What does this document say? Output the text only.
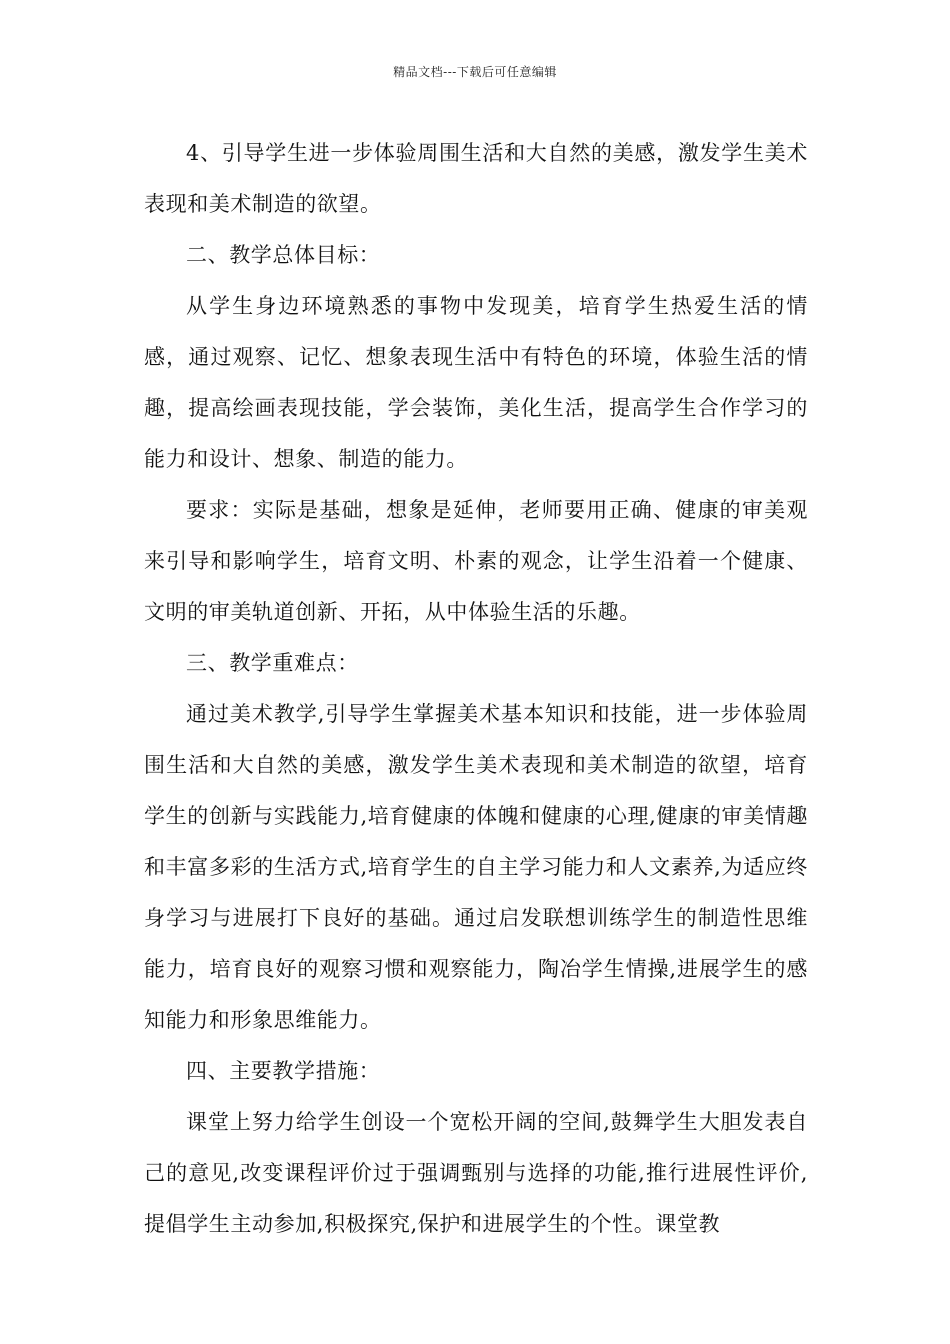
精品文档---下载后可任意编辑

4、引导学生进一步体验周围生活和大自然的美感，激发学生美术表现和美术制造的欲望。

二、教学总体目标：

从学生身边环境熟悉的事物中发现美，培育学生热爱生活的情感，通过观察、记忆、想象表现生活中有特色的环境，体验生活的情趣，提高绘画表现技能，学会装饰，美化生活，提高学生合作学习的能力和设计、想象、制造的能力。

要求：实际是基础，想象是延伸，老师要用正确、健康的审美观来引导和影响学生，培育文明、朴素的观念，让学生沿着一个健康、文明的审美轨道创新、开拓，从中体验生活的乐趣。

三、教学重难点：

通过美术教学,引导学生掌握美术基本知识和技能，进一步体验周围生活和大自然的美感，激发学生美术表现和美术制造的欲望，培育学生的创新与实践能力,培育健康的体魄和健康的心理,健康的审美情趣和丰富多彩的生活方式,培育学生的自主学习能力和人文素养,为适应终身学习与进展打下良好的基础。通过启发联想训练学生的制造性思维能力，培育良好的观察习惯和观察能力，陶冶学生情操,进展学生的感知能力和形象思维能力。

四、主要教学措施：

课堂上努力给学生创设一个宽松开阔的空间,鼓舞学生大胆发表自己的意见,改变课程评价过于强调甄别与选择的功能,推行进展性评价,提倡学生主动参加,积极探究,保护和进展学生的个性。课堂教
